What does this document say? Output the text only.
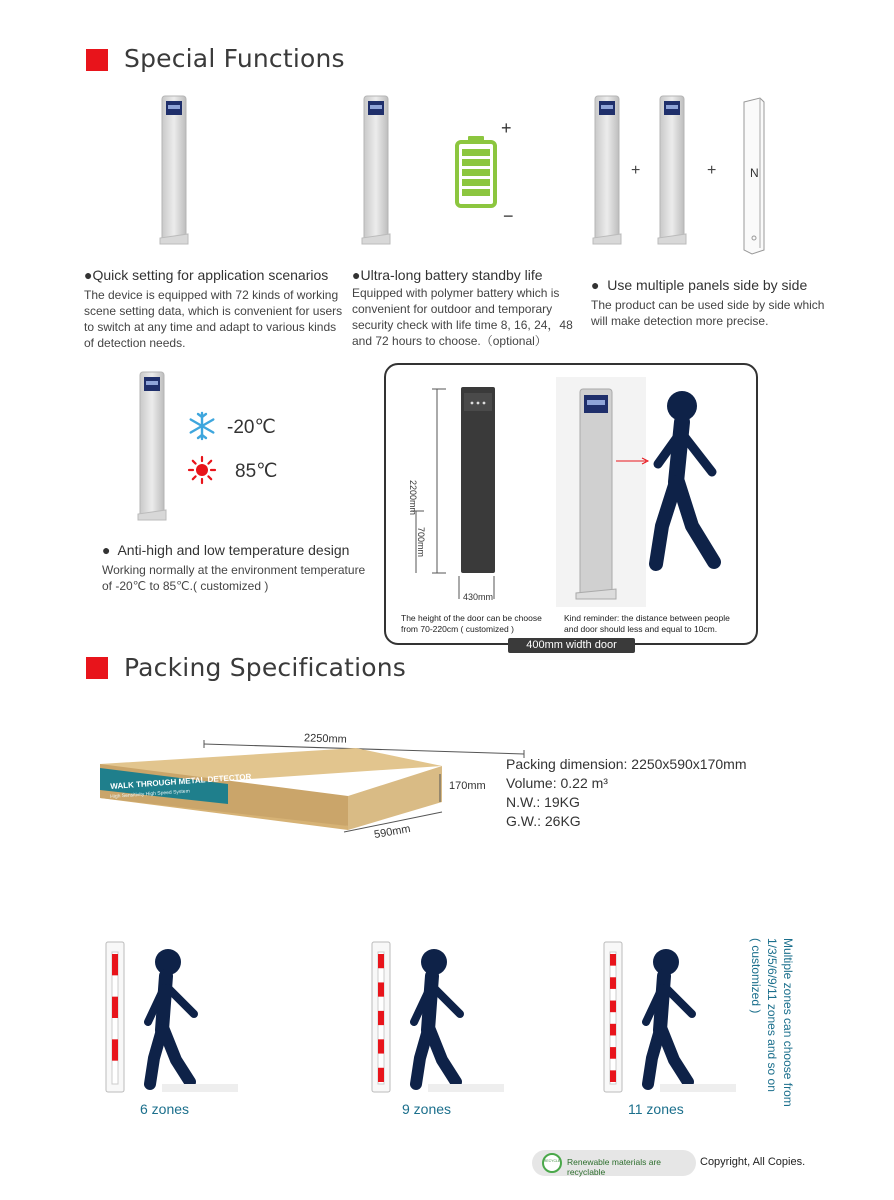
Special Functions
+
−
+	+	N
●Quick setting for application scenarios
The device is equipped with 72 kinds of working
scene setting data, which is convenient for users
to switch at any time and adapt to various kinds
of detection needs.
●Ultra-long battery standby life
Equipped with polymer battery which is
convenient for outdoor and temporary
security check with life time 8, 16, 24，48
and 72 hours to choose.（optional）
●  Use multiple panels side by side
The product can be used side by side which
will make detection more precise.
-20℃
85℃
●  Anti-high and low temperature design
Working normally at the environment temperature
of -20℃ to 85℃.( customized )
2200mm
700mm
430mm
The height of the door can be choose
from 70-220cm ( customized )
Kind reminder: the distance between people
and door should less and equal to 10cm.
400mm width door
Packing Specifications
WALK THROUGH METAL DETECTOR
High Sensitivity High Speed System
2250mm
170mm
590mm
Packing dimension: 2250x590x170mm
Volume: 0.22 m³
N.W.: 19KG
G.W.: 26KG
6 zones	9 zones	11 zones
Multiple zones can choose from
1/3/5/6/9/11 zones and so on
( customized )
RECYCLE Renewable materials are recyclable
Copyright, All Copies.
